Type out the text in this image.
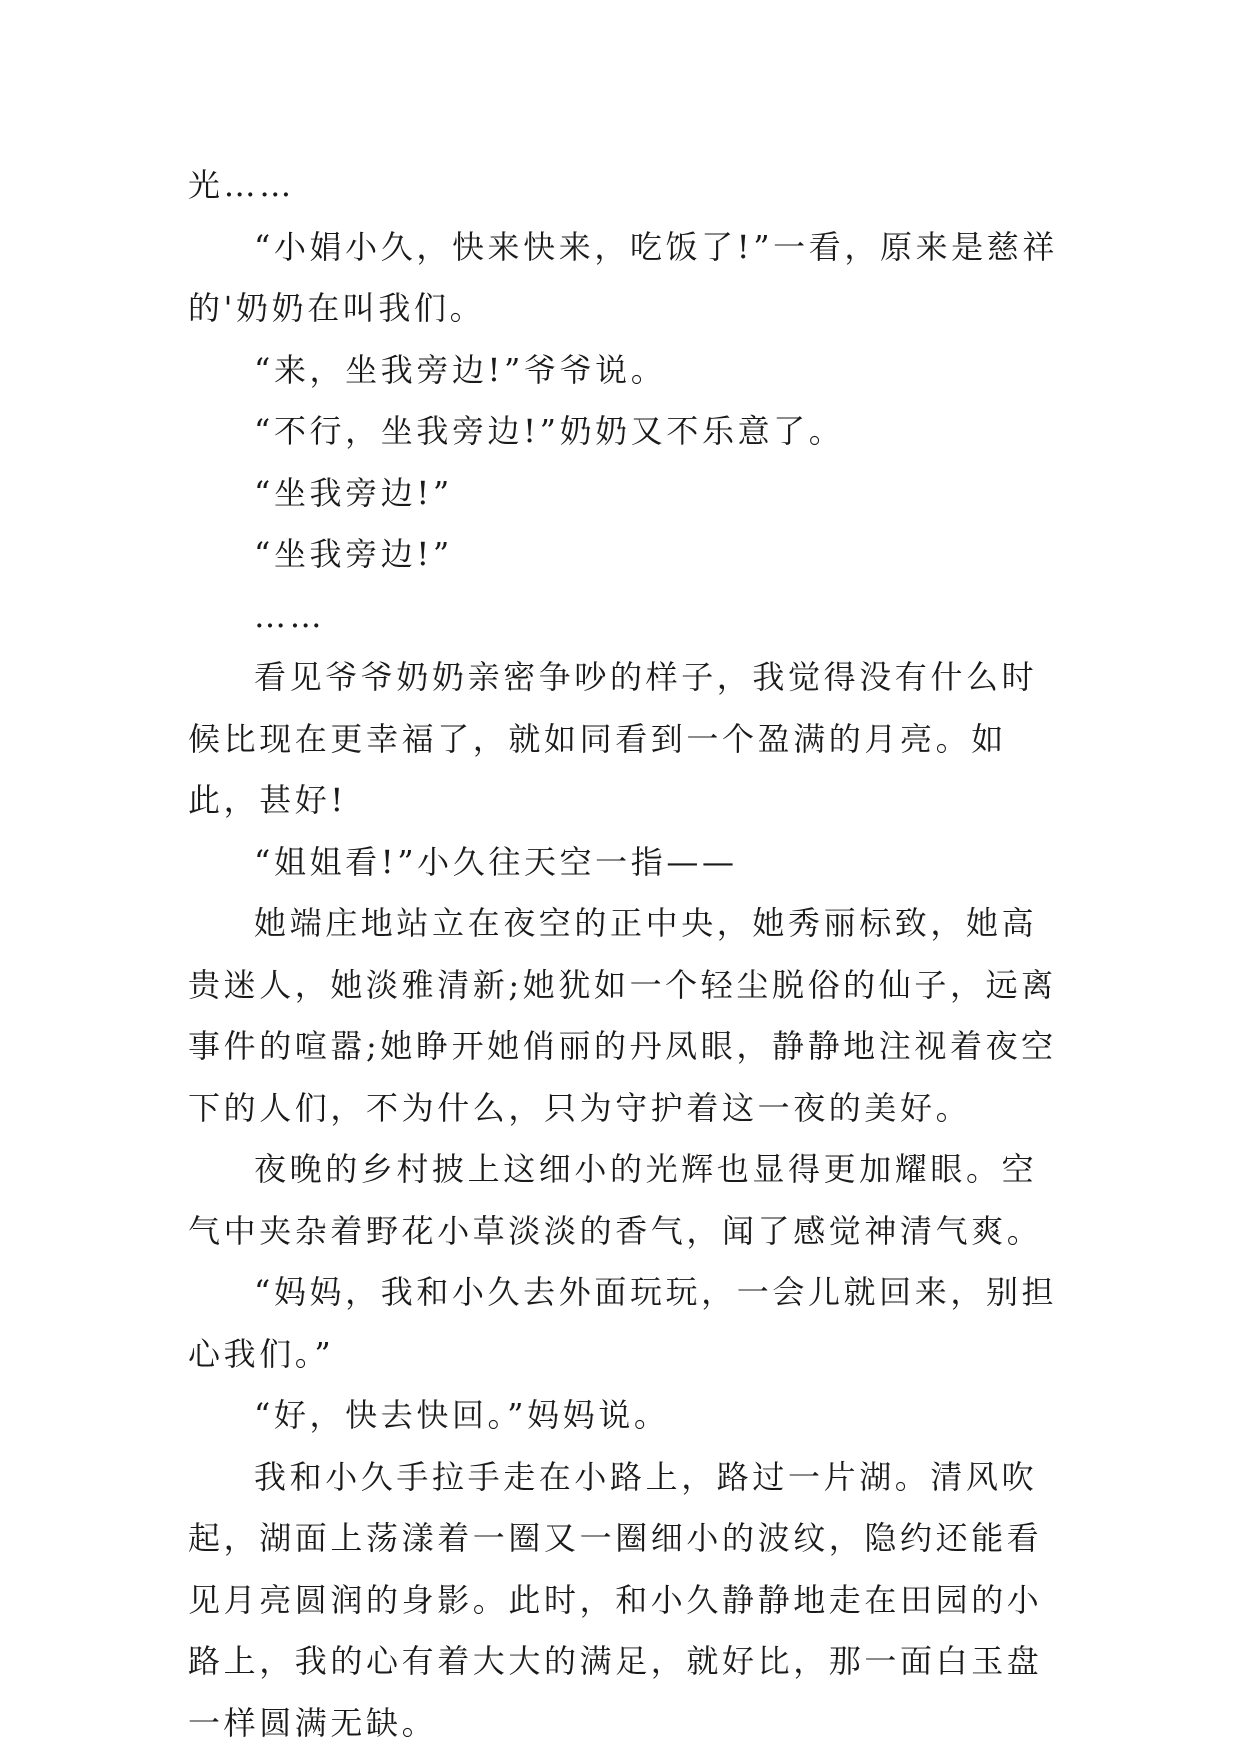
光……

“小娟小久，快来快来，吃饭了!”一看，原来是慈祥的'奶奶在叫我们。

“来，坐我旁边!”爷爷说。

“不行，坐我旁边!”奶奶又不乐意了。

“坐我旁边!”

“坐我旁边!”

……

看见爷爷奶奶亲密争吵的样子，我觉得没有什么时候比现在更幸福了，就如同看到一个盈满的月亮。如此，甚好!

“姐姐看!”小久往天空一指——

她端庄地站立在夜空的正中央，她秀丽标致，她高贵迷人，她淡雅清新;她犹如一个轻尘脱俗的仙子，远离事件的喧嚣;她睁开她俏丽的丹凤眼，静静地注视着夜空下的人们，不为什么，只为守护着这一夜的美好。

夜晚的乡村披上这细小的光辉也显得更加耀眼。空气中夹杂着野花小草淡淡的香气，闻了感觉神清气爽。

“妈妈，我和小久去外面玩玩，一会儿就回来，别担心我们。”

“好，快去快回。”妈妈说。

我和小久手拉手走在小路上，路过一片湖。清风吹起，湖面上荡漾着一圈又一圈细小的波纹，隐约还能看见月亮圆润的身影。此时，和小久静静地走在田园的小路上，我的心有着大大的满足，就好比，那一面白玉盘一样圆满无缺。
